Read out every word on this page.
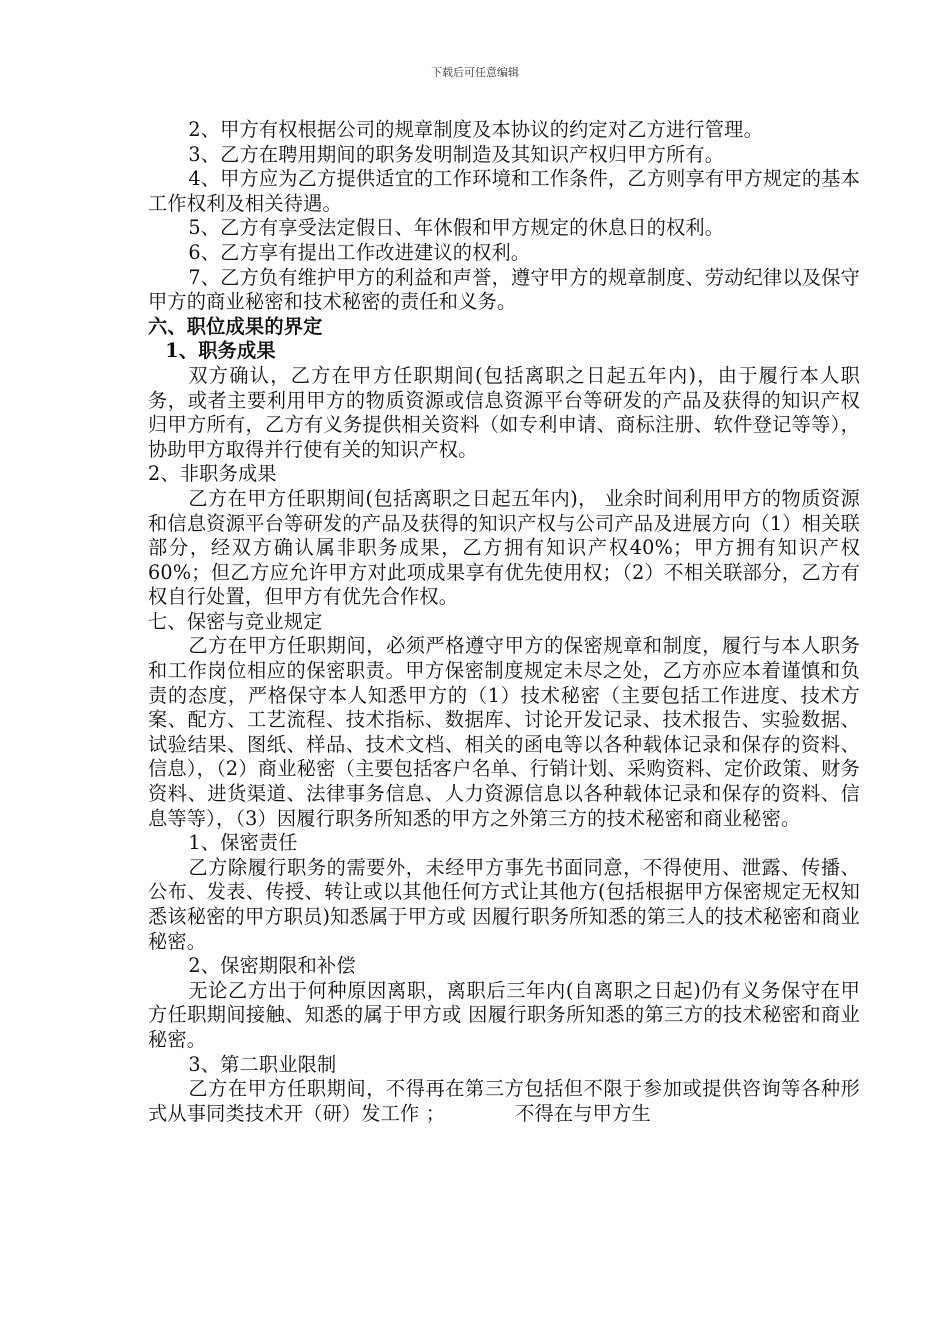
下载后可任意编辑

2、甲方有权根据公司的规章制度及本协议的约定对乙方进行管理。

3、乙方在聘用期间的职务发明制造及其知识产权归甲方所有。

4、甲方应为乙方提供适宜的工作环境和工作条件，乙方则享有甲方规定的基本工作权利及相关待遇。

5、乙方有享受法定假日、年休假和甲方规定的休息日的权利。

6、乙方享有提出工作改进建议的权利。

7、乙方负有维护甲方的利益和声誉，遵守甲方的规章制度、劳动纪律以及保守甲方的商业秘密和技术秘密的责任和义务。

六、职位成果的界定

1、职务成果

双方确认，乙方在甲方任职期间(包括离职之日起五年内)，由于履行本人职务，或者主要利用甲方的物质资源或信息资源平台等研发的产品及获得的知识产权归甲方所有，乙方有义务提供相关资料（如专利申请、商标注册、软件登记等等），协助甲方取得并行使有关的知识产权。

2、非职务成果

乙方在甲方任职期间(包括离职之日起五年内)， 业余时间利用甲方的物质资源和信息资源平台等研发的产品及获得的知识产权与公司产品及进展方向（1）相关联部分，经双方确认属非职务成果，乙方拥有知识产权40%；甲方拥有知识产权60%；但乙方应允许甲方对此项成果享有优先使用权；（2）不相关联部分，乙方有权自行处置，但甲方有优先合作权。

七、保密与竞业规定

乙方在甲方任职期间，必须严格遵守甲方的保密规章和制度，履行与本人职务和工作岗位相应的保密职责。甲方保密制度规定未尽之处，乙方亦应本着谨慎和负责的态度，严格保守本人知悉甲方的（1）技术秘密（主要包括工作进度、技术方案、配方、工艺流程、技术指标、数据库、讨论开发记录、技术报告、实验数据、试验结果、图纸、样品、技术文档、相关的函电等以各种载体记录和保存的资料、信息），（2）商业秘密（主要包括客户名单、行销计划、采购资料、定价政策、财务资料、进货渠道、法律事务信息、人力资源信息以各种载体记录和保存的资料、信息等等），（3）因履行职务所知悉的甲方之外第三方的技术秘密和商业秘密。

1、保密责任

乙方除履行职务的需要外，未经甲方事先书面同意，不得使用、泄露、传播、公布、发表、传授、转让或以其他任何方式让其他方(包括根据甲方保密规定无权知悉该秘密的甲方职员)知悉属于甲方或 因履行职务所知悉的第三人的技术秘密和商业秘密。

2、保密期限和补偿

无论乙方出于何种原因离职，离职后三年内(自离职之日起)仍有义务保守在甲方任职期间接触、知悉的属于甲方或 因履行职务所知悉的第三方的技术秘密和商业秘密。

3、第二职业限制

乙方在甲方任职期间，不得再在第三方包括但不限于参加或提供咨询等各种形式从事同类技术开（研）发工作 ；	不得在与甲方生
